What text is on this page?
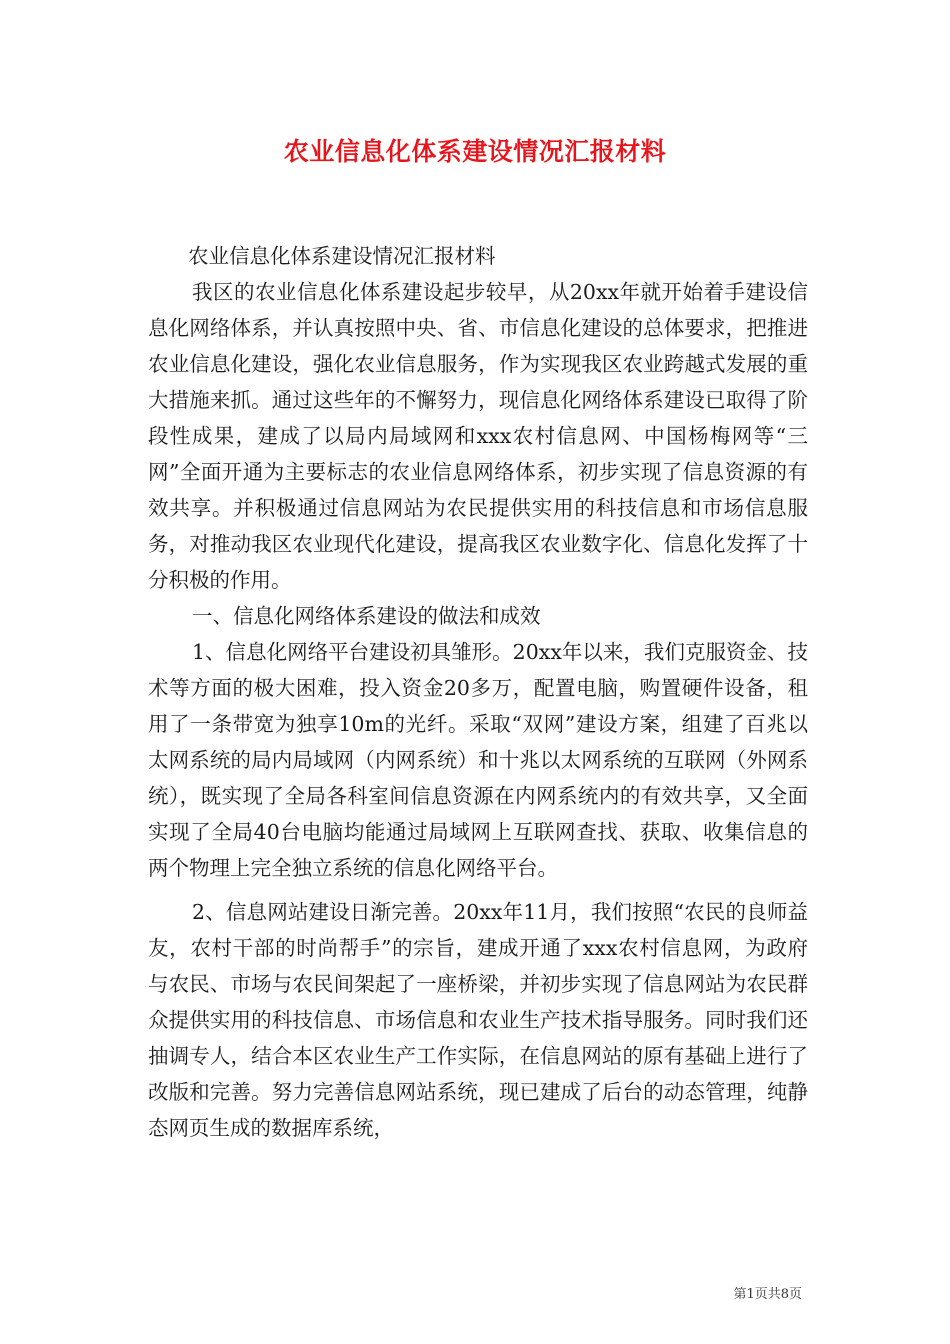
农业信息化体系建设情况汇报材料

农业信息化体系建设情况汇报材料

我区的农业信息化体系建设起步较早，从20xx年就开始着手建设信息化网络体系，并认真按照中央、省、市信息化建设的总体要求，把推进农业信息化建设，强化农业信息服务，作为实现我区农业跨越式发展的重大措施来抓。通过这些年的不懈努力，现信息化网络体系建设已取得了阶段性成果，建成了以局内局域网和xxx农村信息网、中国杨梅网等“三网”全面开通为主要标志的农业信息网络体系，初步实现了信息资源的有效共享。并积极通过信息网站为农民提供实用的科技信息和市场信息服务，对推动我区农业现代化建设，提高我区农业数字化、信息化发挥了十分积极的作用。

一、信息化网络体系建设的做法和成效

1、信息化网络平台建设初具雏形。20xx年以来，我们克服资金、技术等方面的极大困难，投入资金20多万，配置电脑，购置硬件设备，租用了一条带宽为独享10m的光纤。采取“双网”建设方案，组建了百兆以太网系统的局内局域网（内网系统）和十兆以太网系统的互联网（外网系统），既实现了全局各科室间信息资源在内网系统内的有效共享，又全面实现了全局40台电脑均能通过局域网上互联网查找、获取、收集信息的两个物理上完全独立系统的信息化网络平台。

2、信息网站建设日渐完善。20xx年11月，我们按照“农民的良师益友，农村干部的时尚帮手”的宗旨，建成开通了xxx农村信息网，为政府与农民、市场与农民间架起了一座桥梁，并初步实现了信息网站为农民群众提供实用的科技信息、市场信息和农业生产技术指导服务。同时我们还抽调专人，结合本区农业生产工作实际，在信息网站的原有基础上进行了改版和完善。努力完善信息网站系统，现已建成了后台的动态管理，纯静态网页生成的数据库系统，

第1页共8页
